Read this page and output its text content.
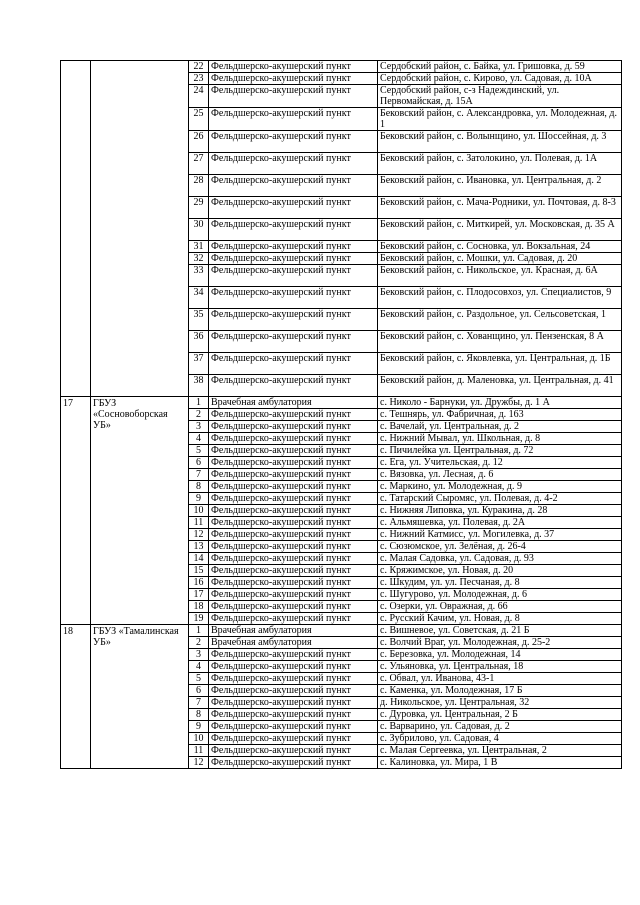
		22	Фельдшерско-акушерский пункт	Сердобский район, с. Байка, ул. Гришовка, д. 59
		23	Фельдшерско-акушерский пункт	Сердобский район, с. Кирово, ул. Садовая, д. 10А
		24	Фельдшерско-акушерский пункт	Сердобский район, с-з Надеждинский, ул. Первомайская, д. 15А
		25	Фельдшерско-акушерский пункт	Бековский район, с. Александровка, ул. Молодежная, д. 1
		26	Фельдшерско-акушерский пункт	Бековский район, с. Волынщино, ул. Шоссейная, д. 3
		27	Фельдшерско-акушерский пункт	Бековский район, с. Затолокино, ул. Полевая, д. 1А
		28	Фельдшерско-акушерский пункт	Бековский район, с. Ивановка, ул. Центральная, д. 2
		29	Фельдшерско-акушерский пункт	Бековский район, с. Мача-Родники, ул. Почтовая, д. 8-3
		30	Фельдшерско-акушерский пункт	Бековский район, с. Миткирей, ул. Московская, д. 35 А
		31	Фельдшерско-акушерский пункт	Бековский район, с. Сосновка, ул. Вокзальная, 24
		32	Фельдшерско-акушерский пункт	Бековский район, с. Мошки, ул. Садовая, д. 20
		33	Фельдшерско-акушерский пункт	Бековский район, с. Никольское, ул. Красная, д. 6А
		34	Фельдшерско-акушерский пункт	Бековский район, с. Плодосовхоз, ул. Специалистов, 9
		35	Фельдшерско-акушерский пункт	Бековский район, с. Раздольное, ул. Сельсоветская, 1
		36	Фельдшерско-акушерский пункт	Бековский район, с. Хованщино, ул. Пензенская, 8 А
		37	Фельдшерско-акушерский пункт	Бековский район, с. Яковлевка, ул. Центральная, д. 1Б
		38	Фельдшерско-акушерский пункт	Бековский район, д. Маленовка, ул. Центральная, д. 41
17	ГБУЗ «Сосновоборская УБ»	1	Врачебная амбулатория	с. Николо - Барнуки, ул. Дружбы, д. 1 А
		2	Фельдшерско-акушерский пункт	с. Тешнярь, ул. Фабричная, д. 163
		3	Фельдшерско-акушерский пункт	с. Вачелай, ул. Центральная, д. 2
		4	Фельдшерско-акушерский пункт	с. Нижний Мывал, ул. Школьная, д. 8
		5	Фельдшерско-акушерский пункт	с. Пичилейка ул. Центральная, д. 72
		6	Фельдшерско-акушерский пункт	с. Ега, ул. Учительская, д. 12
		7	Фельдшерско-акушерский пункт	с. Вязовка, ул. Лесная, д. 6
		8	Фельдшерско-акушерский пункт	с. Маркино, ул. Молодежная, д. 9
		9	Фельдшерско-акушерский пункт	с. Татарский Сыромяс, ул. Полевая, д. 4-2
		10	Фельдшерско-акушерский пункт	с. Нижняя Липовка, ул. Куракина, д. 28
		11	Фельдшерско-акушерский пункт	с. Альмяшевка, ул. Полевая, д. 2А
		12	Фельдшерско-акушерский пункт	с. Нижний Катмисс, ул. Могилевка, д. 37
		13	Фельдшерско-акушерский пункт	с. Сюзюмское, ул. Зелёная, д. 26-4
		14	Фельдшерско-акушерский пункт	с. Малая Садовка, ул. Садовая, д. 93
		15	Фельдшерско-акушерский пункт	с. Кряжимское, ул. Новая, д. 20
		16	Фельдшерско-акушерский пункт	с. Шкудим, ул. ул. Песчаная, д. 8
		17	Фельдшерско-акушерский пункт	с. Шугурово, ул. Молодежная, д. 6
		18	Фельдшерско-акушерский пункт	с. Озерки, ул. Овражная, д. 66
		19	Фельдшерско-акушерский пункт	с. Русский Качим, ул. Новая, д. 8
18	ГБУЗ «Тамалинская УБ»	1	Врачебная амбулатория	с. Вишневое, ул. Советская, д. 21 Б
		2	Врачебная амбулатория	с. Волчий Враг, ул. Молодежная, д. 25-2
		3	Фельдшерско-акушерский пункт	с. Березовка, ул. Молодежная, 14
		4	Фельдшерско-акушерский пункт	с. Ульяновка, ул. Центральная, 18
		5	Фельдшерско-акушерский пункт	с. Обвал, ул. Иванова, 43-1
		6	Фельдшерско-акушерский пункт	с. Каменка, ул. Молодежная, 17 Б
		7	Фельдшерско-акушерский пункт	д. Никольское, ул. Центральная, 32
		8	Фельдшерско-акушерский пункт	с. Дуровка, ул. Центральная, 2 Б
		9	Фельдшерско-акушерский пункт	с. Варварино, ул. Садовая, д. 2
		10	Фельдшерско-акушерский пункт	с. Зубрилово, ул. Садовая, 4
		11	Фельдшерско-акушерский пункт	с. Малая Сергеевка, ул. Центральная, 2
		12	Фельдшерско-акушерский пункт	с. Калиновка, ул. Мира, 1 В
